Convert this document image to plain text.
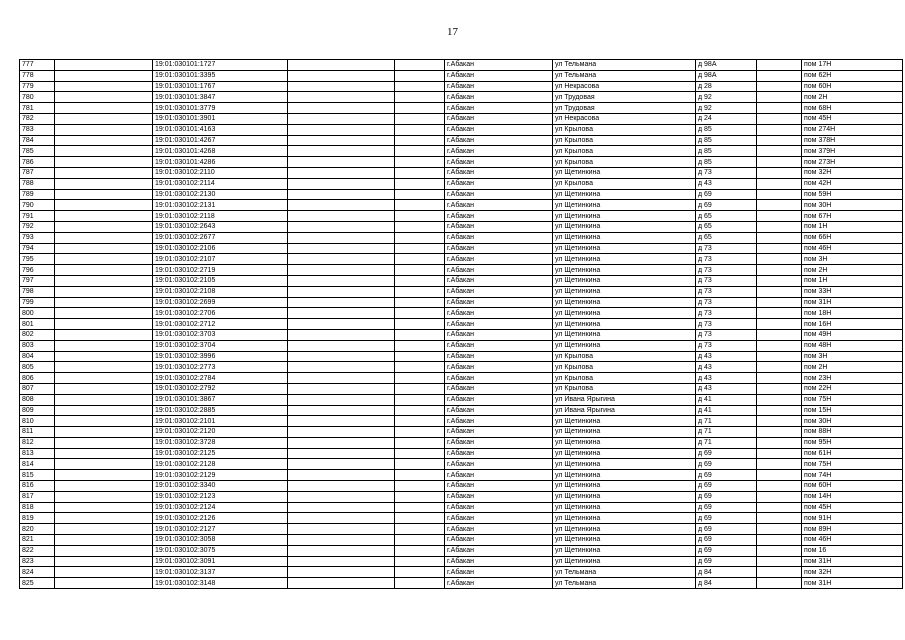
17
777		19:01:030101:1727			г.Абакан	ул Тельмана	д 98А		пом 17Н
778		19:01:030101:3395			г.Абакан	ул Тельмана	д 98А		пом 62Н
779		19:01:030101:1767			г.Абакан	ул Некрасова	д 28		пом 60Н
780		19:01:030101:3847			г.Абакан	ул Трудовая	д 92		пом 2Н
781		19:01:030101:3779			г.Абакан	ул Трудовая	д 92		пом 68Н
782		19:01:030101:3901			г.Абакан	ул Некрасова	д 24		пом 45Н
783		19:01:030101:4163			г.Абакан	ул Крылова	д 85		пом 274Н
784		19:01:030101:4267			г.Абакан	ул Крылова	д 85		пом 378Н
785		19:01:030101:4268			г.Абакан	ул Крылова	д 85		пом 379Н
786		19:01:030101:4286			г.Абакан	ул Крылова	д 85		пом 273Н
787		19:01:030102:2110			г.Абакан	ул Щетинкина	д 73		пом 32Н
788		19:01:030102:2114			г.Абакан	ул Крылова	д 43		пом 42Н
789		19:01:030102:2130			г.Абакан	ул Щетинкина	д 69		пом 59Н
790		19:01:030102:2131			г.Абакан	ул Щетинкина	д 69		пом 30Н
791		19:01:030102:2118			г.Абакан	ул Щетинкина	д 65		пом 67Н
792		19:01:030102:2643			г.Абакан	ул Щетинкина	д 65		пом 1Н
793		19:01:030102:2677			г.Абакан	ул Щетинкина	д 65		пом 66Н
794		19:01:030102:2106			г.Абакан	ул Щетинкина	д 73		пом 46Н
795		19:01:030102:2107			г.Абакан	ул Щетинкина	д 73		пом 3Н
796		19:01:030102:2719			г.Абакан	ул Щетинкина	д 73		пом 2Н
797		19:01:030102:2105			г.Абакан	ул Щетинкина	д 73		пом 1Н
798		19:01:030102:2108			г.Абакан	ул Щетинкина	д 73		пом 33Н
799		19:01:030102:2699			г.Абакан	ул Щетинкина	д 73		пом 31Н
800		19:01:030102:2706			г.Абакан	ул Щетинкина	д 73		пом 18Н
801		19:01:030102:2712			г.Абакан	ул Щетинкина	д 73		пом 16Н
802		19:01:030102:3703			г.Абакан	ул Щетинкина	д 73		пом 49Н
803		19:01:030102:3704			г.Абакан	ул Щетинкина	д 73		пом 48Н
804		19:01:030102:3996			г.Абакан	ул Крылова	д 43		пом 3Н
805		19:01:030102:2773			г.Абакан	ул Крылова	д 43		пом 2Н
806		19:01:030102:2784			г.Абакан	ул Крылова	д 43		пом 23Н
807		19:01:030102:2792			г.Абакан	ул Крылова	д 43		пом 22Н
808		19:01:030101:3867			г.Абакан	ул Ивана Ярыгина	д 41		пом 75Н
809		19:01:030102:2885			г.Абакан	ул Ивана Ярыгина	д 41		пом 15Н
810		19:01:030102:2101			г.Абакан	ул Щетинкина	д 71		пом 30Н
811		19:01:030102:2120			г.Абакан	ул Щетинкина	д 71		пом 88Н
812		19:01:030102:3728			г.Абакан	ул Щетинкина	д 71		пом 95Н
813		19:01:030102:2125			г.Абакан	ул Щетинкина	д 69		пом 61Н
814		19:01:030102:2128			г.Абакан	ул Щетинкина	д 69		пом 75Н
815		19:01:030102:2129			г.Абакан	ул Щетинкина	д 69		пом 74Н
816		19:01:030102:3340			г.Абакан	ул Щетинкина	д 69		пом 60Н
817		19:01:030102:2123			г.Абакан	ул Щетинкина	д 69		пом 14Н
818		19:01:030102:2124			г.Абакан	ул Щетинкина	д 69		пом 45Н
819		19:01:030102:2126			г.Абакан	ул Щетинкина	д 69		пом 91Н
820		19:01:030102:2127			г.Абакан	ул Щетинкина	д 69		пом 89Н
821		19:01:030102:3058			г.Абакан	ул Щетинкина	д 69		пом 46Н
822		19:01:030102:3075			г.Абакан	ул Щетинкина	д 69		пом 16
823		19:01:030102:3091			г.Абакан	ул Щетинкина	д 69		пом 31Н
824		19:01:030102:3137			г.Абакан	ул Тельмана	д 84		пом 32Н
825		19:01:030102:3148			г.Абакан	ул Тельмана	д 84		пом 31Н
